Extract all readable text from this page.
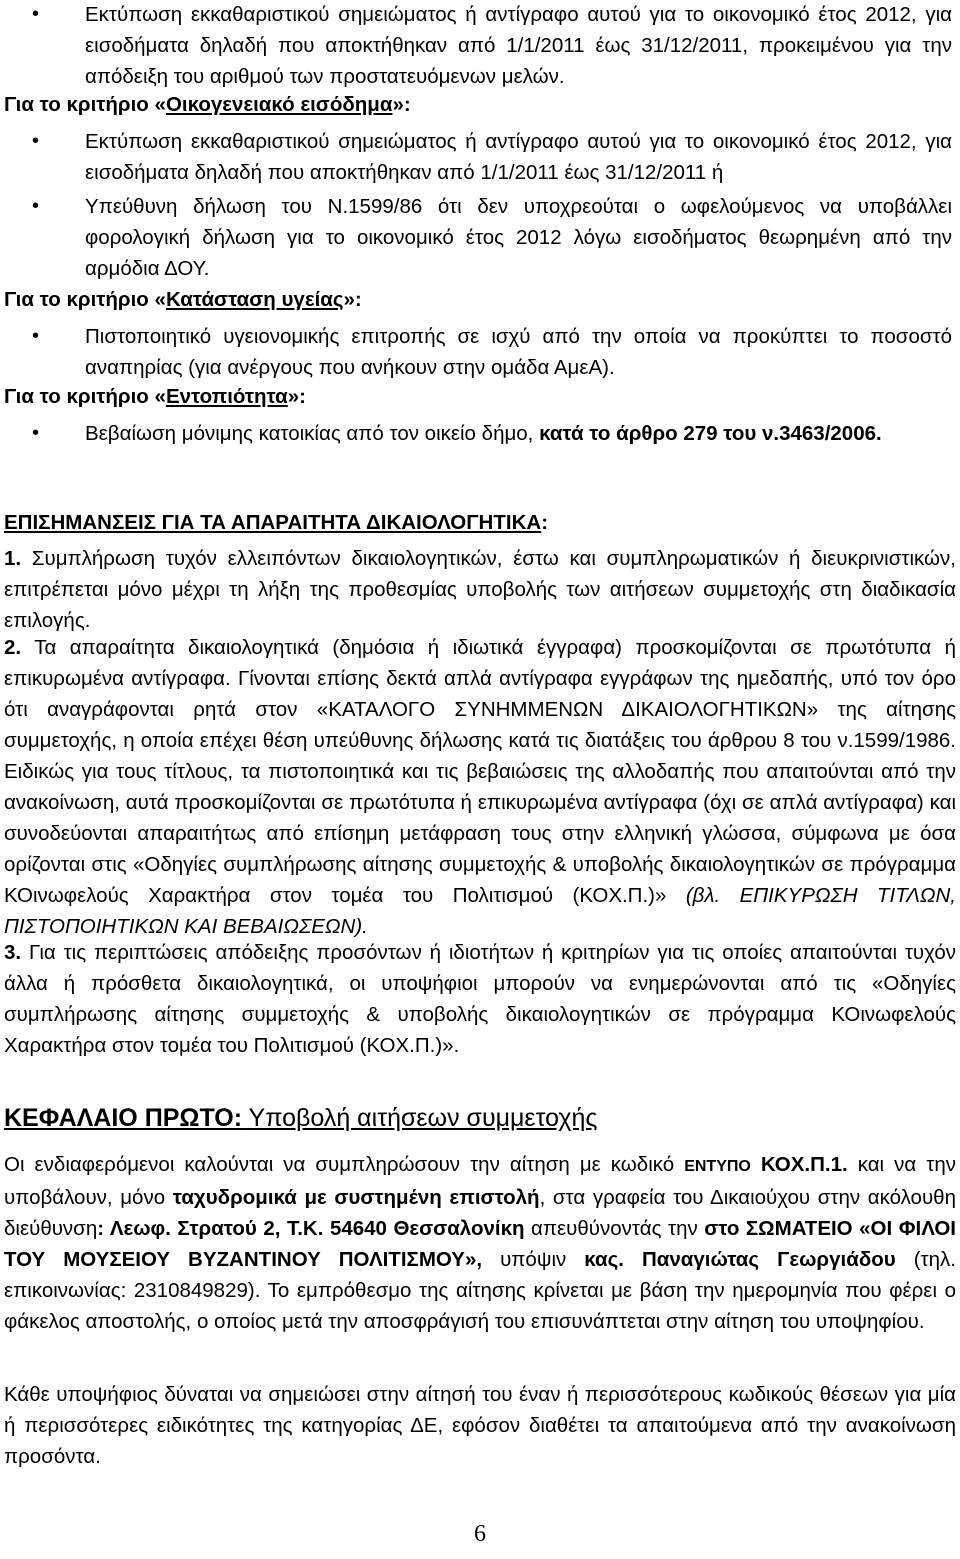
• Εκτύπωση εκκαθαριστικού σημειώματος ή αντίγραφο αυτού για το οικονομικό έτος 2012, για εισοδήματα δηλαδή που αποκτήθηκαν από 1/1/2011 έως 31/12/2011, προκειμένου για την απόδειξη του αριθμού των προστατευόμενων μελών.

Για το κριτήριο «Οικογενειακό εισόδημα»:

• Εκτύπωση εκκαθαριστικού σημειώματος ή αντίγραφο αυτού για το οικονομικό έτος 2012, για εισοδήματα δηλαδή που αποκτήθηκαν από 1/1/2011 έως 31/12/2011 ή

• Υπεύθυνη δήλωση του Ν.1599/86 ότι δεν υποχρεούται ο ωφελούμενος να υποβάλλει φορολογική δήλωση για το οικονομικό έτος 2012 λόγω εισοδήματος θεωρημένη από την αρμόδια ΔΟΥ.

Για το κριτήριο «Κατάσταση υγείας»:

• Πιστοποιητικό υγειονομικής επιτροπής σε ισχύ από την οποία να προκύπτει το ποσοστό αναπηρίας (για ανέργους που ανήκουν στην ομάδα ΑμεΑ).

Για το κριτήριο «Εντοπιότητα»:

• Βεβαίωση μόνιμης κατοικίας από τον οικείο δήμο, κατά το άρθρο 279 του ν.3463/2006.

ΕΠΙΣΗΜΑΝΣΕΙΣ ΓΙΑ ΤΑ ΑΠΑΡΑΙΤΗΤΑ ΔΙΚΑΙΟΛΟΓΗΤΙΚΑ:

1. Συμπλήρωση τυχόν ελλειπόντων δικαιολογητικών, έστω και συμπληρωματικών ή διευκρινιστικών, επιτρέπεται μόνο μέχρι τη λήξη της προθεσμίας υποβολής των αιτήσεων συμμετοχής στη διαδικασία επιλογής.

2. Τα απαραίτητα δικαιολογητικά (δημόσια ή ιδιωτικά έγγραφα) προσκομίζονται σε πρωτότυπα ή επικυρωμένα αντίγραφα. Γίνονται επίσης δεκτά απλά αντίγραφα εγγράφων της ημεδαπής, υπό τον όρο ότι αναγράφονται ρητά στον «ΚΑΤΑΛΟΓΟ ΣΥΝΗΜΜΕΝΩΝ ΔΙΚΑΙΟΛΟΓΗΤΙΚΩΝ» της αίτησης συμμετοχής, η οποία επέχει θέση υπεύθυνης δήλωσης κατά τις διατάξεις του άρθρου 8 του ν.1599/1986. Ειδικώς για τους τίτλους, τα πιστοποιητικά και τις βεβαιώσεις της αλλοδαπής που απαιτούνται από την ανακοίνωση, αυτά προσκομίζονται σε πρωτότυπα ή επικυρωμένα αντίγραφα (όχι σε απλά αντίγραφα) και συνοδεύονται απαραιτήτως από επίσημη μετάφραση τους στην ελληνική γλώσσα, σύμφωνα με όσα ορίζονται στις «Οδηγίες συμπλήρωσης αίτησης συμμετοχής & υποβολής δικαιολογητικών σε πρόγραμμα ΚΟινωφελούς Χαρακτήρα στον τομέα του Πολιτισμού (ΚΟΧ.Π.)» (βλ. ΕΠΙΚΥΡΩΣΗ ΤΙΤΛΩΝ, ΠΙΣΤΟΠΟΙΗΤΙΚΩΝ ΚΑΙ ΒΕΒΑΙΩΣΕΩΝ).

3. Για τις περιπτώσεις απόδειξης προσόντων ή ιδιοτήτων ή κριτηρίων για τις οποίες απαιτούνται τυχόν άλλα ή πρόσθετα δικαιολογητικά, οι υποψήφιοι μπορούν να ενημερώνονται από τις «Οδηγίες συμπλήρωσης αίτησης συμμετοχής & υποβολής δικαιολογητικών σε πρόγραμμα ΚΟινωφελούς Χαρακτήρα στον τομέα του Πολιτισμού (ΚΟΧ.Π.)».

ΚΕΦΑΛΑΙΟ ΠΡΩΤΟ: Υποβολή αιτήσεων συμμετοχής

Οι ενδιαφερόμενοι καλούνται να συμπληρώσουν την αίτηση με κωδικό ΕΝΤΥΠΟ ΚΟΧ.Π.1. και να την υποβάλουν, μόνο ταχυδρομικά με συστημένη επιστολή, στα γραφεία του Δικαιούχου στην ακόλουθη διεύθυνση: Λεωφ. Στρατού 2, Τ.Κ. 54640 Θεσσαλονίκη απευθύνοντάς την στο ΣΩΜΑΤΕΙΟ «ΟΙ ΦΙΛΟΙ ΤΟΥ ΜΟΥΣΕΙΟΥ ΒΥΖΑΝΤΙΝΟΥ ΠΟΛΙΤΙΣΜΟΥ», υπόψιν κας. Παναγιώτας Γεωργιάδου (τηλ. επικοινωνίας: 2310849829). Το εμπρόθεσμο της αίτησης κρίνεται με βάση την ημερομηνία που φέρει ο φάκελος αποστολής, ο οποίος μετά την αποσφράγισή του επισυνάπτεται στην αίτηση του υποψηφίου.

Κάθε υποψήφιος δύναται να σημειώσει στην αίτησή του έναν ή περισσότερους κωδικούς θέσεων για μία ή περισσότερες ειδικότητες της κατηγορίας ΔΕ, εφόσον διαθέτει τα απαιτούμενα από την ανακοίνωση προσόντα.

6
